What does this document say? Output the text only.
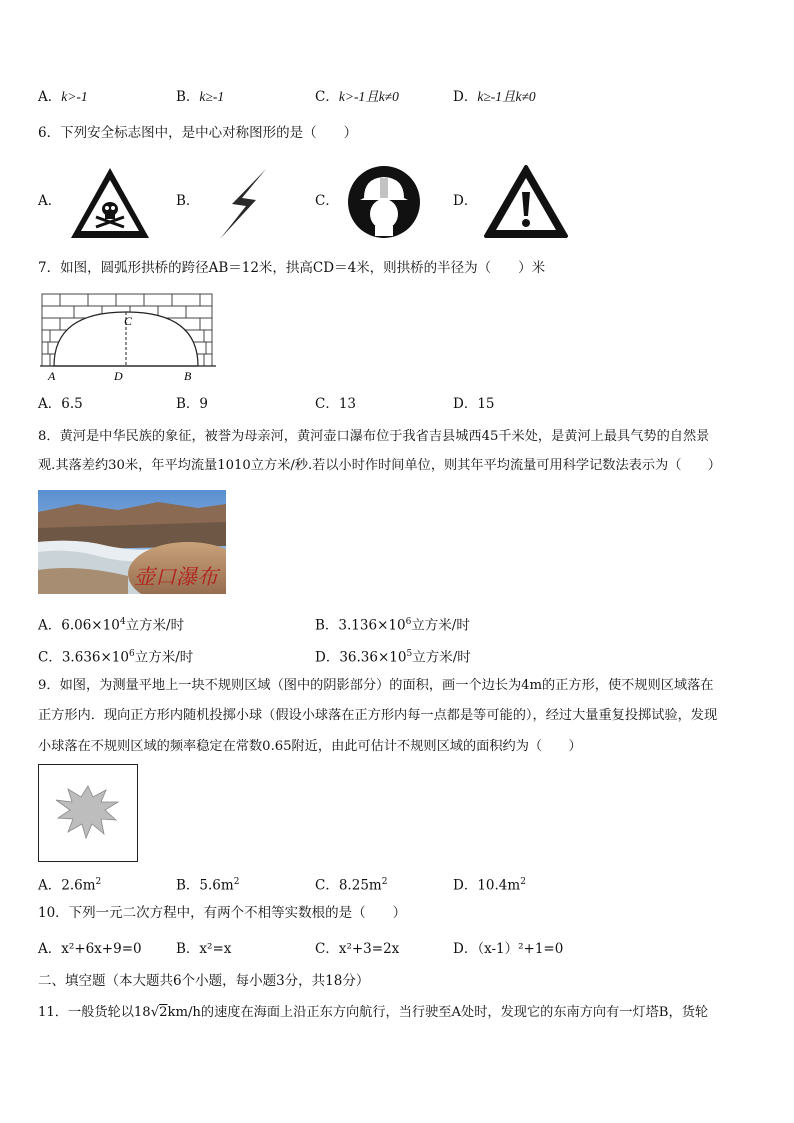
A．k>-1	B．k≥-1	C．k>-1且k≠0	D．k≥-1且k≠0
6．下列安全标志图中，是中心对称图形的是（　　）
A．	B．	C．	D．
7．如图，圆弧形拱桥的跨径AB＝12米，拱高CD＝4米，则拱桥的半径为（　　）米
A	D	B
C
A．6.5	B．9	C．13	D．15
8．黄河是中华民族的象征，被誉为母亲河，黄河壶口瀑布位于我省吉县城西45千米处，是黄河上最具气势的自然景
观.其落差约30米，年平均流量1010立方米/秒.若以小时作时间单位，则其年平均流量可用科学记数法表示为（　　）
壶口瀑布
A．$6.06\times 10^4$立方米/时	B．$3.136\times 10^6$立方米/时
C．$3.636\times 10^6$立方米/时	D．$36.36\times 10^5$立方米/时
9．如图，为测量平地上一块不规则区域（图中的阴影部分）的面积，画一个边长为4m的正方形，使不规则区域落在
正方形内．现向正方形内随机投掷小球（假设小球落在正方形内每一点都是等可能的），经过大量重复投掷试验，发现
小球落在不规则区域的频率稳定在常数0.65附近，由此可估计不规则区域的面积约为（　　）
A．$2.6m^2$	B．$5.6m^2$	C．$8.25m^2$	D．$10.4m^2$
10．下列一元二次方程中，有两个不相等实数根的是（　　）
A．x²+6x+9=0	B．x²=x	C．x²+3=2x	D．（x-1）²+1=0
二、填空题（本大题共6个小题，每小题3分，共18分）
11．一般货轮以18√2km/h的速度在海面上沿正东方向航行，当行驶至A处时，发现它的东南方向有一灯塔B，货轮
